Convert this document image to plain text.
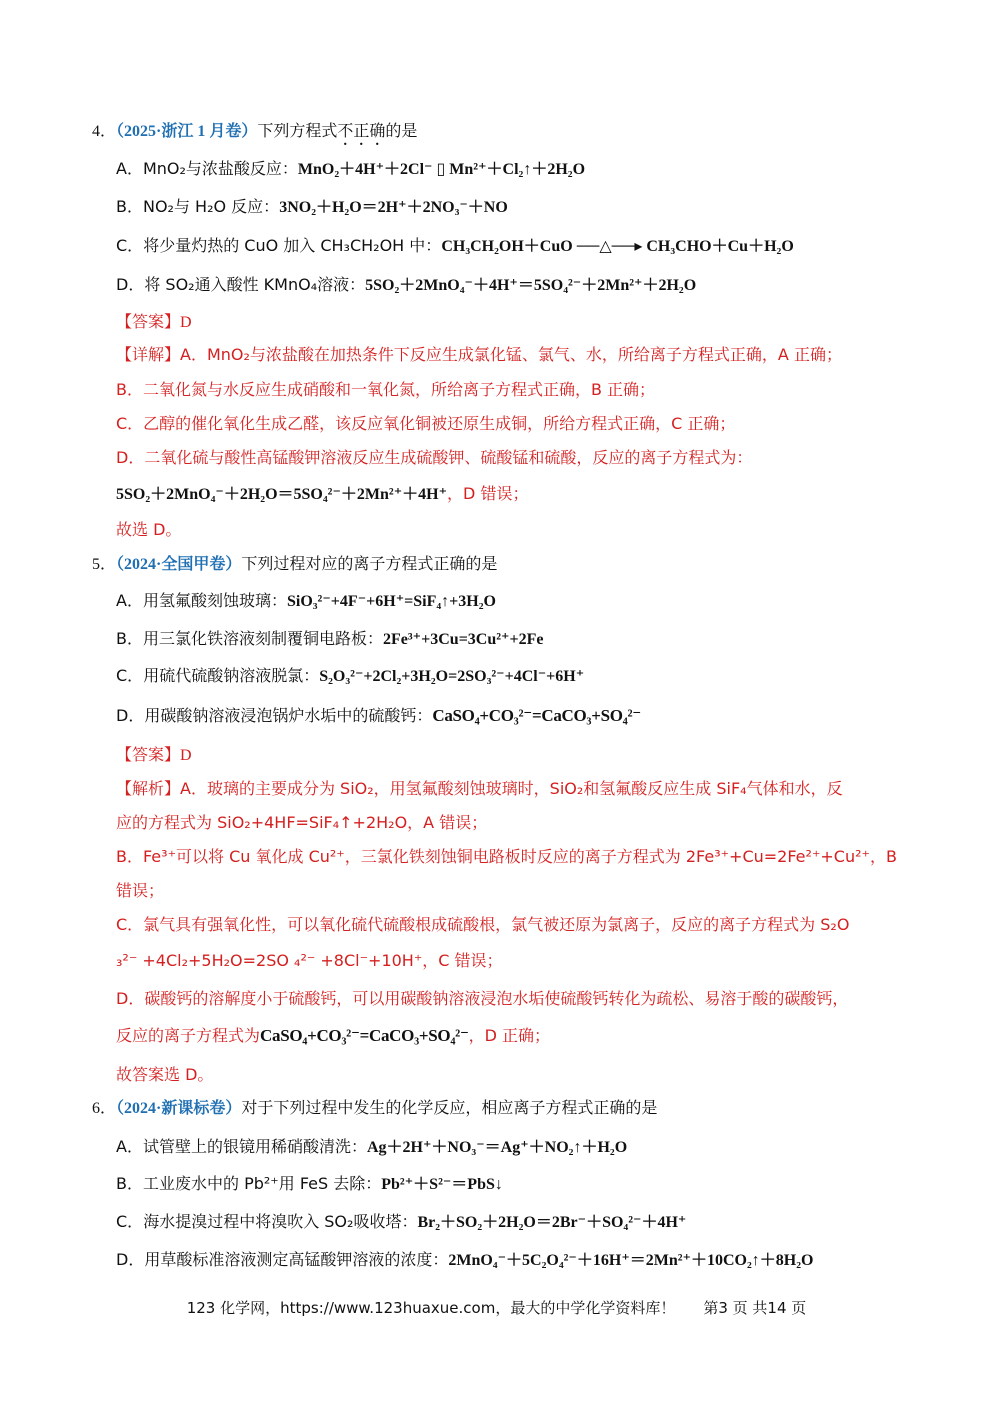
4．（2025·浙江 1 月卷）下列方程式不正确的是
A．MnO₂与浓盐酸反应：MnO₂＋4H⁺＋2Cl⁻ ▯ Mn²⁺＋Cl₂↑＋2H₂O
B．NO₂与 H₂O 反应：3NO₂＋H₂O＝2H⁺＋2NO₃⁻＋NO
C．将少量灼热的 CuO 加入 CH₃CH₂OH 中：CH₃CH₂OH＋CuO ──△──▸ CH₃CHO＋Cu＋H₂O
D．将 SO₂通入酸性 KMnO₄溶液：5SO₂＋2MnO₄⁻＋4H⁺＝5SO₄²⁻＋2Mn²⁺＋2H₂O
【答案】D
【详解】A．MnO₂与浓盐酸在加热条件下反应生成氯化锰、氯气、水，所给离子方程式正确，A 正确；
B．二氧化氮与水反应生成硝酸和一氧化氮，所给离子方程式正确，B 正确；
C．乙醇的催化氧化生成乙醛，该反应氧化铜被还原生成铜，所给方程式正确，C 正确；
D．二氧化硫与酸性高锰酸钾溶液反应生成硫酸钾、硫酸锰和硫酸，反应的离子方程式为：
5SO₂＋2MnO₄⁻＋2H₂O＝5SO₄²⁻＋2Mn²⁺＋4H⁺，D 错误；
故选 D。
5．（2024·全国甲卷）下列过程对应的离子方程式正确的是
A．用氢氟酸刻蚀玻璃：SiO₃²⁻+4F⁻+6H⁺=SiF₄↑+3H₂O
B．用三氯化铁溶液刻制覆铜电路板：2Fe³⁺+3Cu=3Cu²⁺+2Fe
C．用硫代硫酸钠溶液脱氯：S₂O₃²⁻+2Cl₂+3H₂O=2SO₃²⁻+4Cl⁻+6H⁺
D．用碳酸钠溶液浸泡锅炉水垢中的硫酸钙：CaSO₄+CO₃²⁻=CaCO₃+SO₄²⁻
【答案】D
【解析】A．玻璃的主要成分为 SiO₂，用氢氟酸刻蚀玻璃时，SiO₂和氢氟酸反应生成 SiF₄气体和水，反
应的方程式为 SiO₂+4HF=SiF₄↑+2H₂O，A 错误；
B．Fe³⁺可以将 Cu 氧化成 Cu²⁺，三氯化铁刻蚀铜电路板时反应的离子方程式为 2Fe³⁺+Cu=2Fe²⁺+Cu²⁺，B
错误；
C．氯气具有强氧化性，可以氧化硫代硫酸根成硫酸根，氯气被还原为氯离子，反应的离子方程式为 S₂O
₃²⁻ +4Cl₂+5H₂O=2SO ₄²⁻ +8Cl⁻+10H⁺，C 错误；
D．碳酸钙的溶解度小于硫酸钙，可以用碳酸钠溶液浸泡水垢使硫酸钙转化为疏松、易溶于酸的碳酸钙，
反应的离子方程式为CaSO₄+CO₃²⁻=CaCO₃+SO₄²⁻，D 正确；
故答案选 D。
6．（2024·新课标卷）对于下列过程中发生的化学反应，相应离子方程式正确的是
A．试管壁上的银镜用稀硝酸清洗：Ag＋2H⁺＋NO₃⁻＝Ag⁺＋NO₂↑＋H₂O
B．工业废水中的 Pb²⁺用 FeS 去除：Pb²⁺＋S²⁻＝PbS↓
C．海水提溴过程中将溴吹入 SO₂吸收塔：Br₂＋SO₂＋2H₂O＝2Br⁻＋SO₄²⁻＋4H⁺
D．用草酸标准溶液测定高锰酸钾溶液的浓度：2MnO₄⁻＋5C₂O₄²⁻＋16H⁺＝2Mn²⁺＋10CO₂↑＋8H₂O
123 化学网，https://www.123huaxue.com，最大的中学化学资料库！ 第3 页 共14 页
